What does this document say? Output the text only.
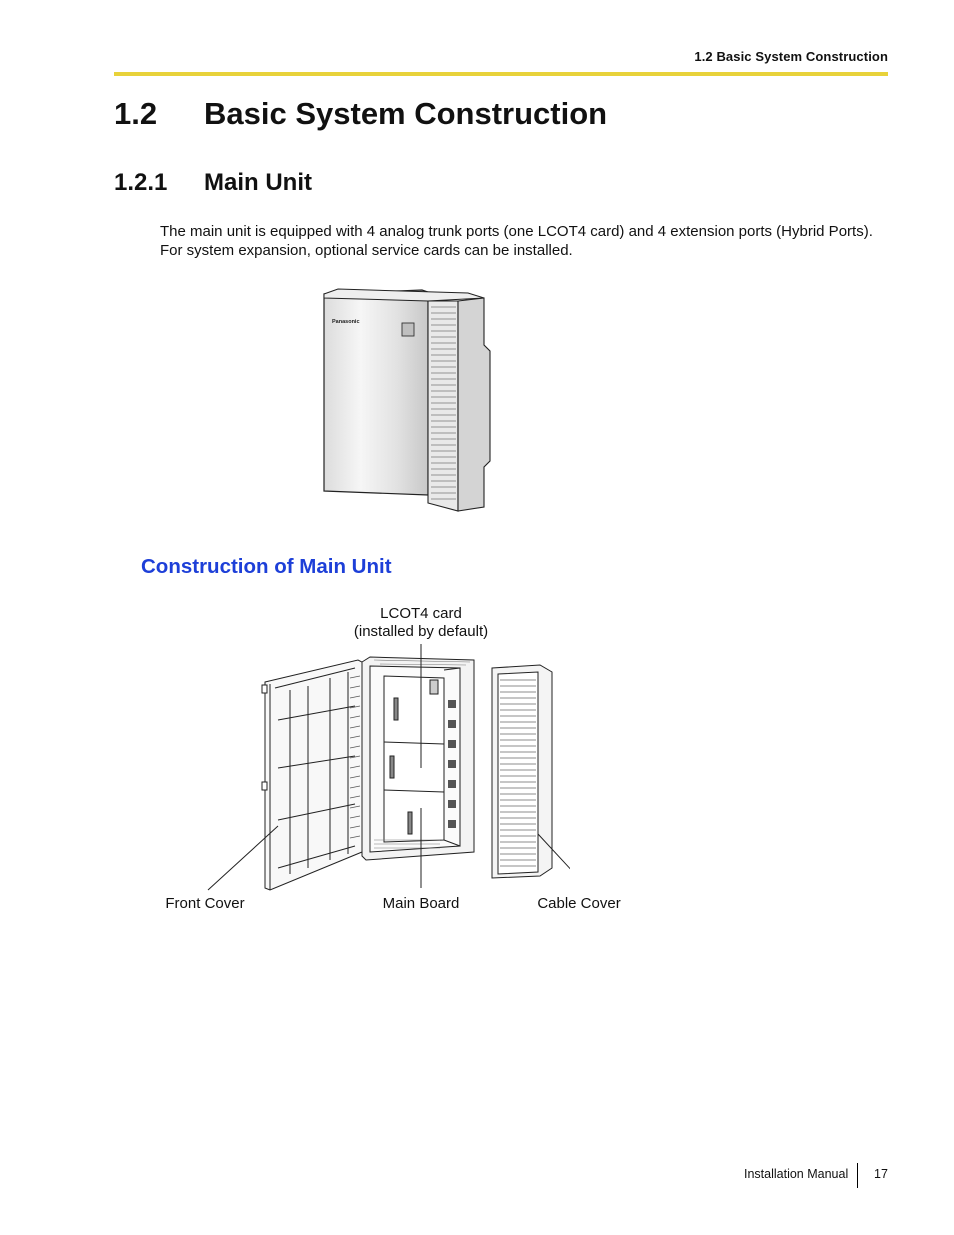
1.2 Basic System Construction
1.2	Basic System Construction
1.2.1	Main Unit

The main unit is equipped with 4 analog trunk ports (one LCOT4 card) and 4 extension ports (Hybrid Ports).

For system expansion, optional service cards can be installed.

Panasonic
Construction of Main Unit
LCOT4 card
(installed by default)
Front Cover	Main Board	Cable Cover
Installation Manual 17
